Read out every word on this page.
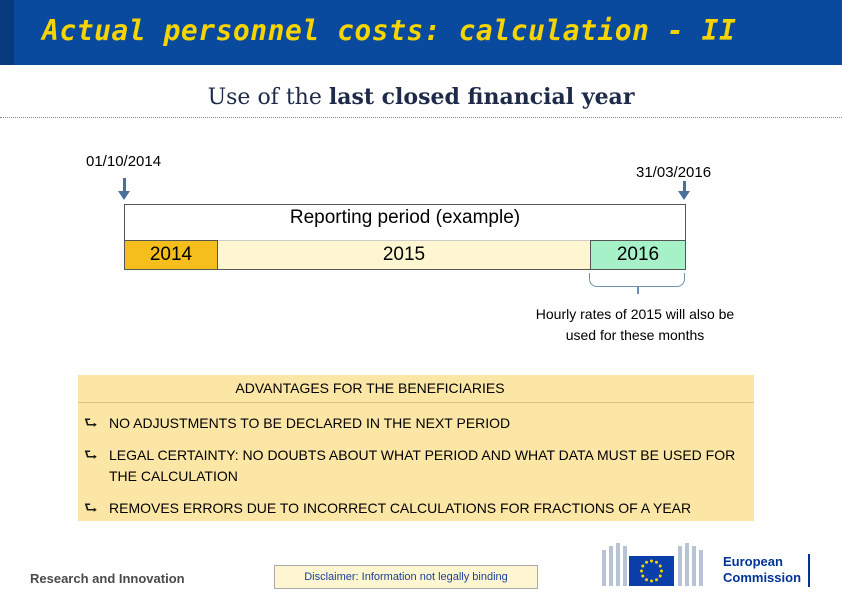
Actual personnel costs: calculation - II
Use of the last closed financial year
01/10/2014
31/03/2016
Reporting period (example)
2014	2015	2016
Hourly rates of 2015 will also be used for these months
ADVANTAGES FOR THE BENEFICIARIES
⮑ NO ADJUSTMENTS TO BE DECLARED IN THE NEXT PERIOD
⮑ LEGAL CERTAINTY: NO DOUBTS ABOUT WHAT PERIOD AND WHAT DATA MUST BE USED FOR THE CALCULATION
⮑ REMOVES ERRORS DUE TO INCORRECT CALCULATIONS FOR FRACTIONS OF A YEAR
Research and Innovation	Disclaimer: Information not legally binding
European
Commission
